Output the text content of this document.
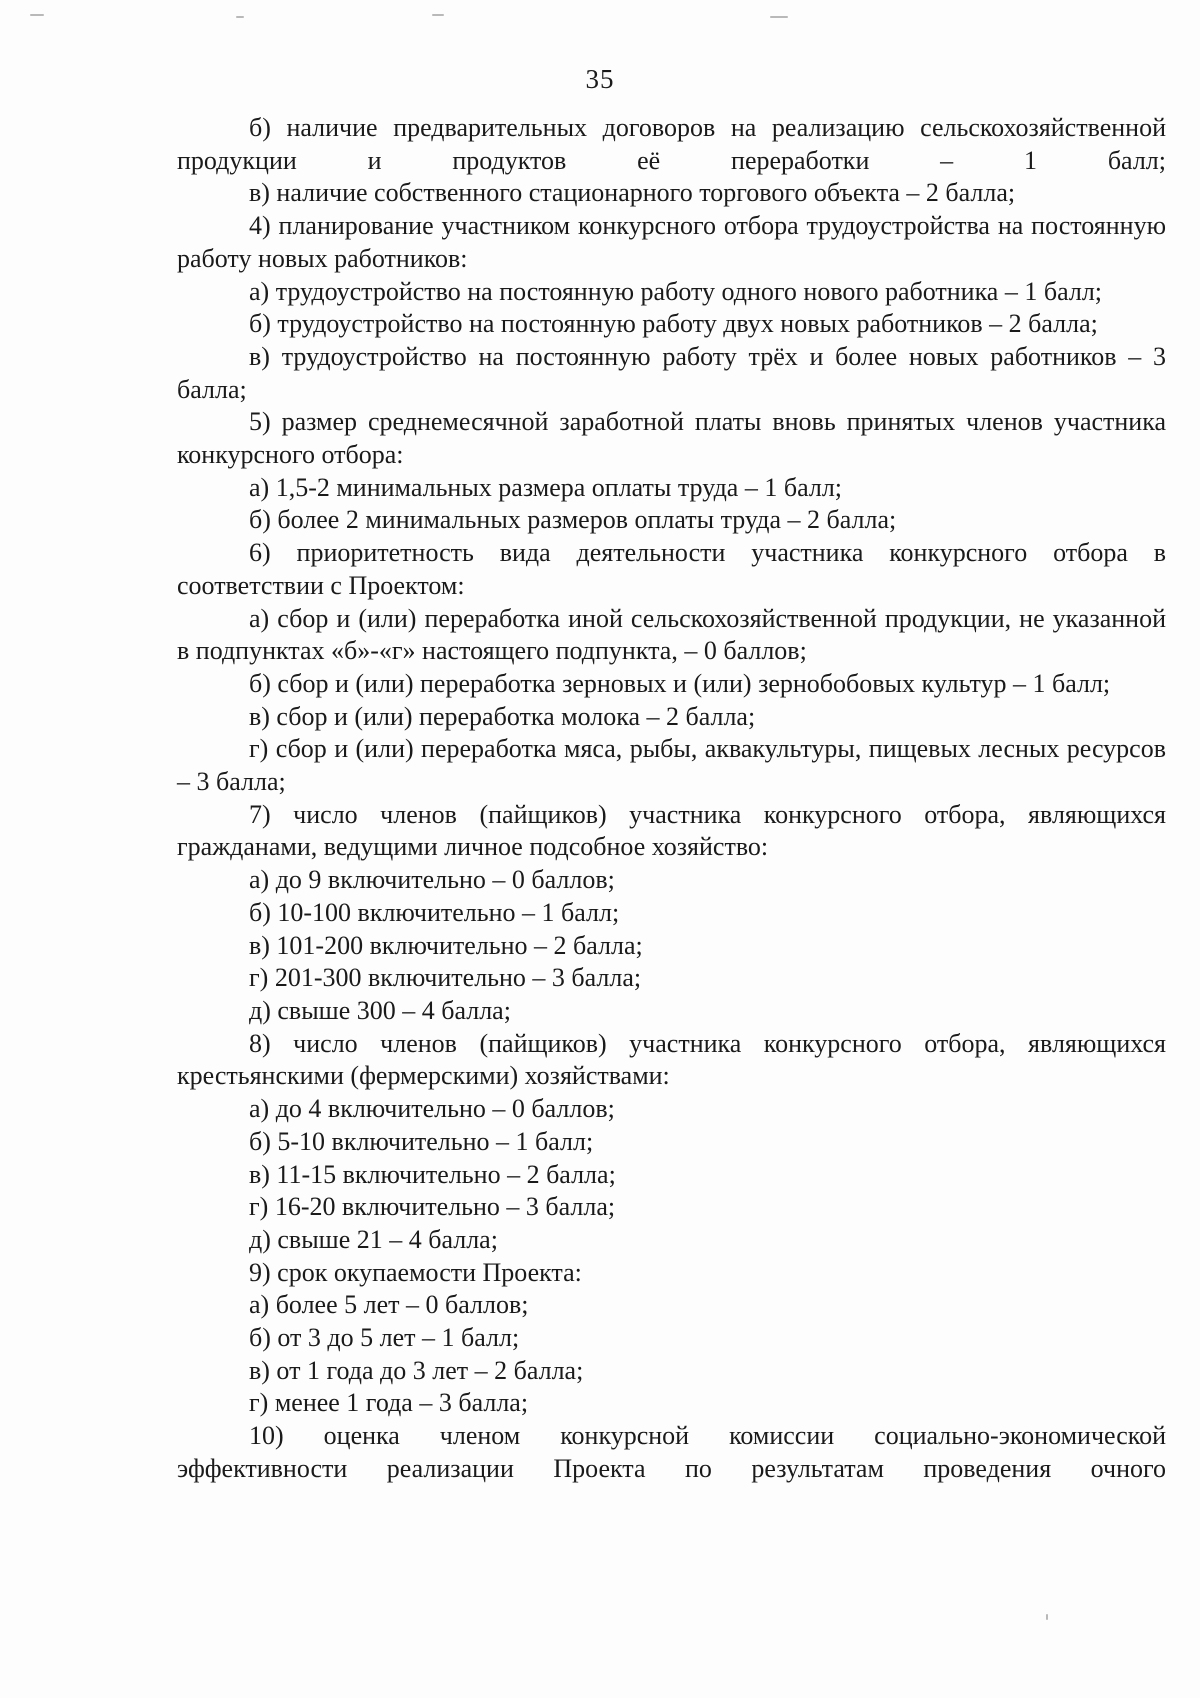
35

б) наличие предварительных договоров на реализацию сельскохозяйственной продукции и продуктов её переработки – 1 балл;

в) наличие собственного стационарного торгового объекта – 2 балла;

4) планирование участником конкурсного отбора трудоустройства на постоянную работу новых работников:

а) трудоустройство на постоянную работу одного нового работника – 1 балл;

б) трудоустройство на постоянную работу двух новых работников – 2 балла;

в) трудоустройство на постоянную работу трёх и более новых работников – 3 балла;

5) размер среднемесячной заработной платы вновь принятых членов участника конкурсного отбора:

а) 1,5-2 минимальных размера оплаты труда – 1 балл;

б) более 2 минимальных размеров оплаты труда – 2 балла;

6) приоритетность вида деятельности участника конкурсного отбора в соответствии с Проектом:

а) сбор и (или) переработка иной сельскохозяйственной продукции, не указанной в подпунктах «б»-«г» настоящего подпункта, – 0 баллов;

б) сбор и (или) переработка зерновых и (или) зернобобовых культур – 1 балл;

в) сбор и (или) переработка молока – 2 балла;

г) сбор и (или) переработка мяса, рыбы, аквакультуры, пищевых лесных ресурсов – 3 балла;

7) число членов (пайщиков) участника конкурсного отбора, являющихся гражданами, ведущими личное подсобное хозяйство:

а) до 9 включительно – 0 баллов;

б) 10-100 включительно – 1 балл;

в) 101-200 включительно – 2 балла;

г) 201-300 включительно – 3 балла;

д) свыше 300 – 4 балла;

8) число членов (пайщиков) участника конкурсного отбора, являющихся крестьянскими (фермерскими) хозяйствами:

а) до 4 включительно – 0 баллов;

б) 5-10 включительно – 1 балл;

в) 11-15 включительно – 2 балла;

г) 16-20 включительно – 3 балла;

д) свыше 21 – 4 балла;

9) срок окупаемости Проекта:

а) более 5 лет – 0 баллов;

б) от 3 до 5 лет – 1 балл;

в) от 1 года до 3 лет – 2 балла;

г) менее 1 года – 3 балла;

10) оценка членом конкурсной комиссии социально-экономической эффективности реализации Проекта по результатам проведения очного
